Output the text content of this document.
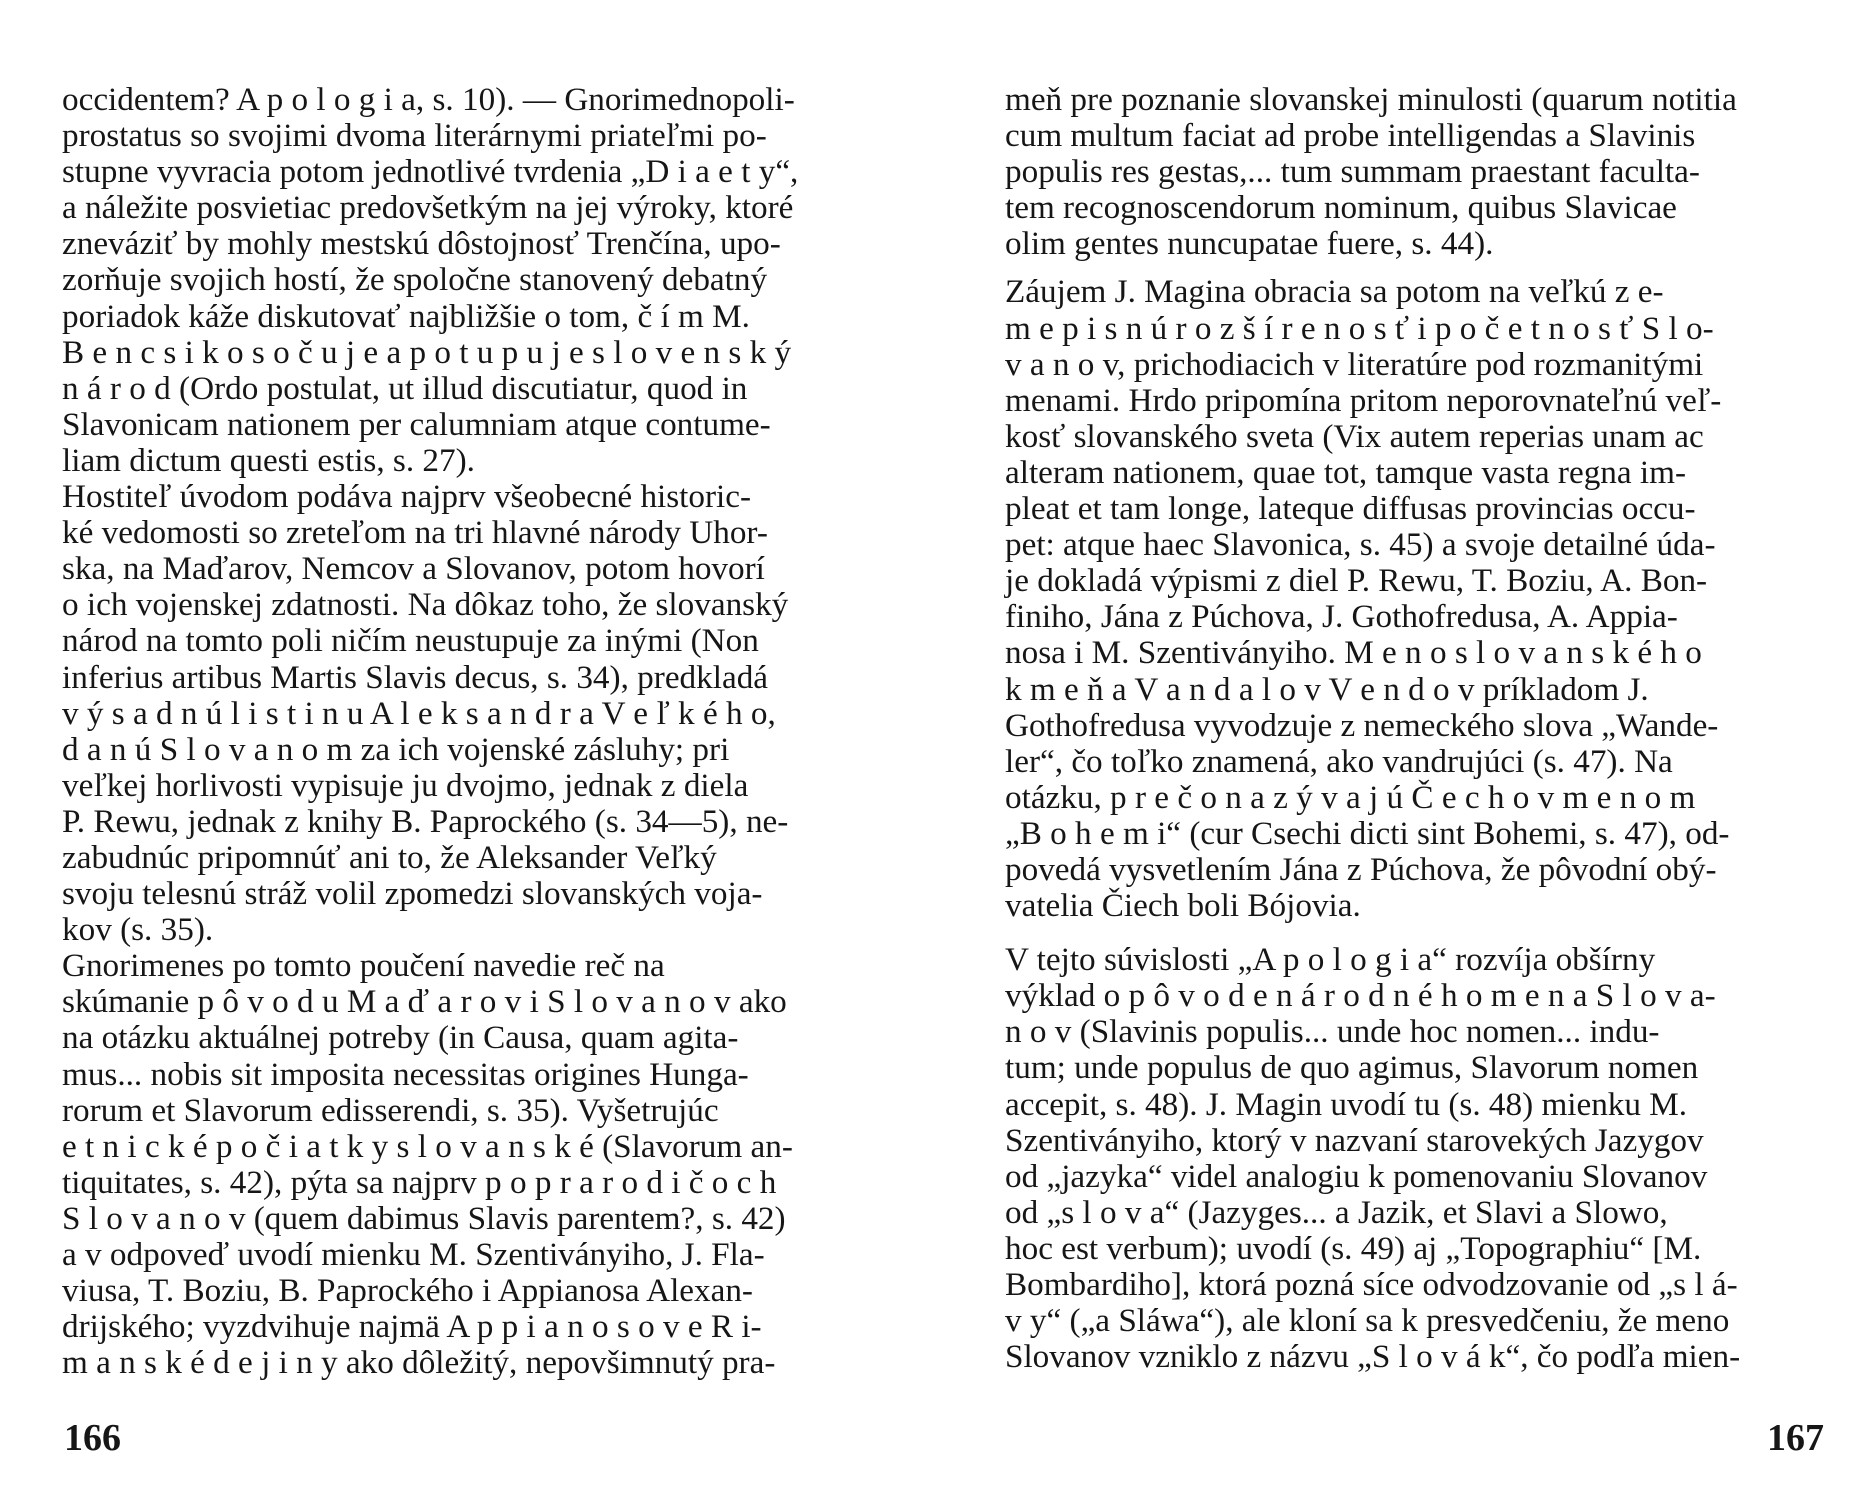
occidentem? A p o l o g i a, s. 10). — Gnorimednopoli-
prostatus so svojimi dvoma literárnymi priateľmi po-
stupne vyvracia potom jednotlivé tvrdenia „D i a e t y“,
a náležite posvietiac predovšetkým na jej výroky, ktoré
zneváziť by mohly mestskú dôstojnosť Trenčína, upo-
zorňuje svojich hostí, že spoločne stanovený debatný
poriadok káže diskutovať najbližšie o tom, č í m M.
B e n c s i k o s o č u j e a p o t u p u j e s l o v e n s k ý
n á r o d (Ordo postulat, ut illud discutiatur, quod in
Slavonicam nationem per calumniam atque contume-
liam dictum questi estis, s. 27).
Hostiteľ úvodom podáva najprv všeobecné historic-
ké vedomosti so zreteľom na tri hlavné národy Uhor-
ska, na Maďarov, Nemcov a Slovanov, potom hovorí
o ich vojenskej zdatnosti. Na dôkaz toho, že slovanský
národ na tomto poli ničím neustupuje za inými (Non
inferius artibus Martis Slavis decus, s. 34), predkladá
v ý s a d n ú l i s t i n u A l e k s a n d r a V e ľ k é h o,
d a n ú S l o v a n o m za ich vojenské zásluhy; pri
veľkej horlivosti vypisuje ju dvojmo, jednak z diela
P. Rewu, jednak z knihy B. Paprockého (s. 34—5), ne-
zabudnúc pripomnúť ani to, že Aleksander Veľký
svoju telesnú stráž volil zpomedzi slovanských voja-
kov (s. 35).
Gnorimenes po tomto poučení navedie reč na
skúmanie p ô v o d u M a ď a r o v i S l o v a n o v ako
na otázku aktuálnej potreby (in Causa, quam agita-
mus... nobis sit imposita necessitas origines Hunga-
rorum et Slavorum edisserendi, s. 35). Vyšetrujúc
e t n i c k é p o č i a t k y s l o v a n s k é (Slavorum an-
tiquitates, s. 42), pýta sa najprv p o p r a r o d i č o c h
S l o v a n o v (quem dabimus Slavis parentem?, s. 42)
a v odpoveď uvodí mienku M. Szentiványiho, J. Fla-
viusa, T. Boziu, B. Paprockého i Appianosa Alexan-
drijského; vyzdvihuje najmä A p p i a n o s o v e R i-
m a n s k é d e j i n y ako dôležitý, nepovšimnutý pra-
166
meň pre poznanie slovanskej minulosti (quarum notitia
cum multum faciat ad probe intelligendas a Slavinis
populis res gestas,... tum summam praestant faculta-
tem recognoscendorum nominum, quibus Slavicae
olim gentes nuncupatae fuere, s. 44).
Záujem J. Magina obracia sa potom na veľkú z e-
m e p i s n ú r o z š í r e n o s ť i p o č e t n o s ť S l o-
v a n o v, prichodiacich v literatúre pod rozmanitými
menami. Hrdo pripomína pritom neporovnateľnú veľ-
kosť slovanského sveta (Vix autem reperias unam ac
alteram nationem, quae tot, tamque vasta regna im-
pleat et tam longe, lateque diffusas provincias occu-
pet: atque haec Slavonica, s. 45) a svoje detailné úda-
je dokladá výpismi z diel P. Rewu, T. Boziu, A. Bon-
finiho, Jána z Púchova, J. Gothofredusa, A. Appia-
nosa i M. Szentiványiho. M e n o s l o v a n s k é h o
k m e ň a V a n d a l o v V e n d o v príkladom J.
Gothofredusa vyvodzuje z nemeckého slova „Wande-
ler“, čo toľko znamená, ako vandrujúci (s. 47). Na
otázku, p r e č o n a z ý v a j ú Č e c h o v m e n o m
„B o h e m i“ (cur Csechi dicti sint Bohemi, s. 47), od-
povedá vysvetlením Jána z Púchova, že pôvodní obý-
vatelia Čiech boli Bójovia.
V tejto súvislosti „A p o l o g i a“ rozvíja obšírny
výklad o p ô v o d e n á r o d n é h o m e n a S l o v a-
n o v (Slavinis populis... unde hoc nomen... indu-
tum; unde populus de quo agimus, Slavorum nomen
accepit, s. 48). J. Magin uvodí tu (s. 48) mienku M.
Szentiványiho, ktorý v nazvaní starovekých Jazygov
od „jazyka“ videl analogiu k pomenovaniu Slovanov
od „s l o v a“ (Jazyges... a Jazik, et Slavi a Slowo,
hoc est verbum); uvodí (s. 49) aj „Topographiu“ [M.
Bombardiho], ktorá pozná síce odvodzovanie od „s l á-
v y“ („a Sláwa“), ale kloní sa k presvedčeniu, že meno
Slovanov vzniklo z názvu „S l o v á k“, čo podľa mien-
167
